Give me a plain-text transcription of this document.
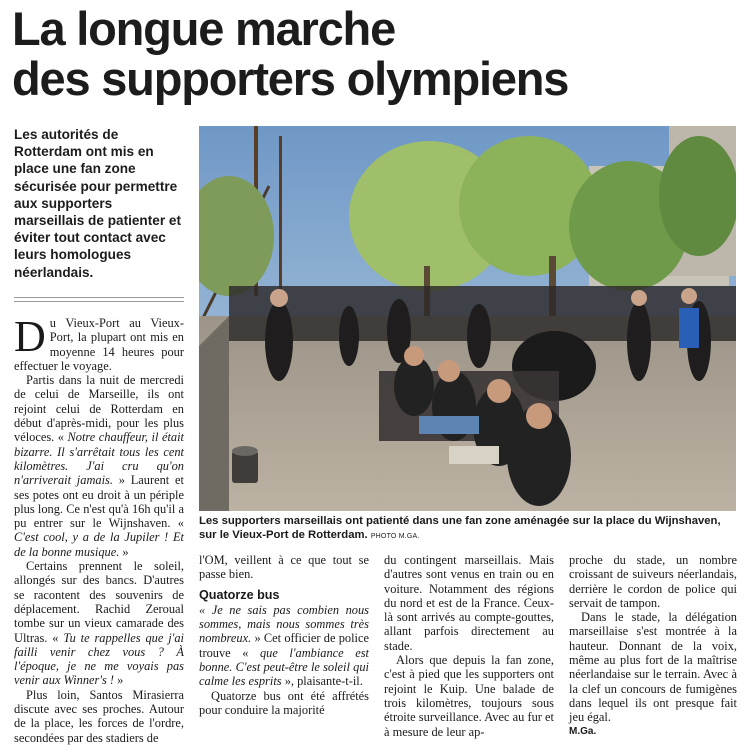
La longue marche
des supporters olympiens
Les autorités de Rotterdam ont mis en place une fan zone sécurisée pour permettre aux supporters marseillais de patienter et éviter tout contact avec leurs homologues néerlandais.
Les supporters marseillais ont patienté dans une fan zone aménagée sur la place du Wijnshaven, sur le Vieux-Port de Rotterdam. PHOTO M.GA.

Du Vieux-Port au Vieux-Port, la plupart ont mis en moyenne 14 heures pour effectuer le voyage.

Partis dans la nuit de mercredi de celui de Marseille, ils ont rejoint celui de Rotterdam en début d'après-midi, pour les plus véloces. « Notre chauffeur, il était bizarre. Il s'arrêtait tous les cent kilomètres. J'ai cru qu'on n'arriverait jamais. » Laurent et ses potes ont eu droit à un périple plus long. Ce n'est qu'à 16h qu'il a pu entrer sur le Wijnshaven. « C'est cool, y a de la Jupiler ! Et de la bonne musique. »

Certains prennent le soleil, allongés sur des bancs. D'autres se racontent des souvenirs de déplacement. Rachid Zeroual tombe sur un vieux camarade des Ultras. « Tu te rappelles que j'ai failli venir chez vous ? À l'époque, je ne me voyais pas venir aux Winner's ! »

Plus loin, Santos Mirasierra discute avec ses proches. Autour de la place, les forces de l'ordre, secondées par des stadiers de

l'OM, veillent à ce que tout se passe bien.

Quatorze bus

« Je ne sais pas combien nous sommes, mais nous sommes très nombreux. » Cet officier de police trouve « que l'ambiance est bonne. C'est peut-être le soleil qui calme les esprits », plaisante-t-il.

Quatorze bus ont été affrétés pour conduire la majorité

du contingent marseillais. Mais d'autres sont venus en train ou en voiture. Notamment des régions du nord et est de la France. Ceux-là sont arrivés au compte-gouttes, allant parfois directement au stade.

Alors que depuis la fan zone, c'est à pied que les supporters ont rejoint le Kuip. Une balade de trois kilomètres, toujours sous étroite surveillance. Avec au fur et à mesure de leur ap-

proche du stade, un nombre croissant de suiveurs néerlandais, derrière le cordon de police qui servait de tampon.

Dans le stade, la délégation marseillaise s'est montrée à la hauteur. Donnant de la voix, même au plus fort de la maîtrise néerlandaise sur le terrain. Avec à la clef un concours de fumigènes dans lequel ils ont presque fait jeu égal.

M.Ga.
